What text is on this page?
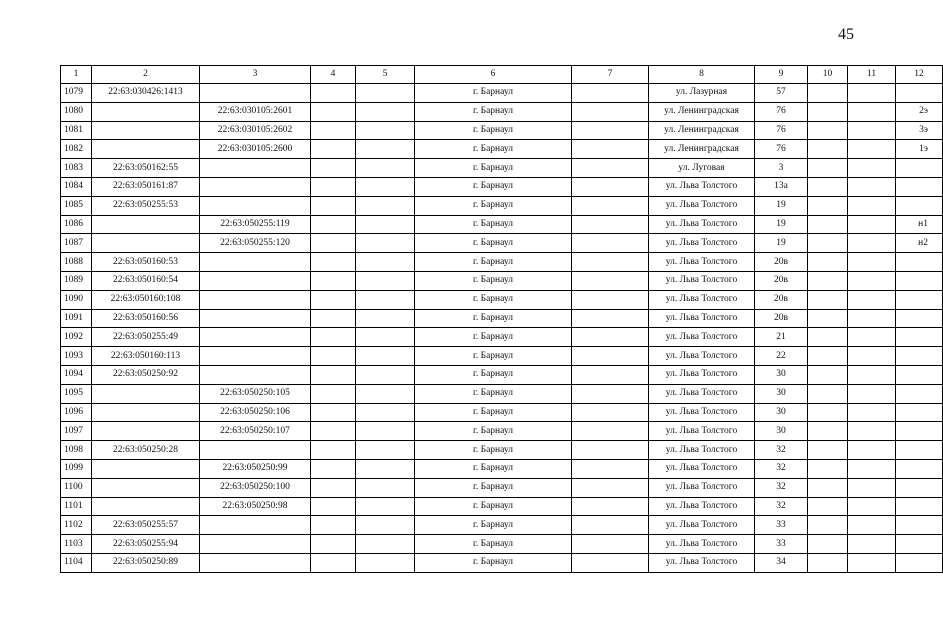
45
1	2	3	4	5	6	7	8	9	10	11	12
1079	22:63:030426:1413				г. Барнаул		ул. Лазурная	57			
1080		22:63:030105:2601			г. Барнаул		ул. Ленинградская	76			2э
1081		22:63:030105:2602			г. Барнаул		ул. Ленинградская	76			3э
1082		22:63:030105:2600			г. Барнаул		ул. Ленинградская	76			1э
1083	22:63:050162:55				г. Барнаул		ул. Луговая	3			
1084	22:63:050161:87				г. Барнаул		ул. Льва Толстого	13а			
1085	22:63:050255:53				г. Барнаул		ул. Льва Толстого	19			
1086		22:63:050255:119			г. Барнаул		ул. Льва Толстого	19			н1
1087		22:63:050255:120			г. Барнаул		ул. Льва Толстого	19			н2
1088	22:63:050160:53				г. Барнаул		ул. Льва Толстого	20в			
1089	22:63:050160:54				г. Барнаул		ул. Льва Толстого	20в			
1090	22:63:050160:108				г. Барнаул		ул. Льва Толстого	20в			
1091	22:63:050160:56				г. Барнаул		ул. Льва Толстого	20в			
1092	22:63:050255:49				г. Барнаул		ул. Льва Толстого	21			
1093	22:63:050160:113				г. Барнаул		ул. Льва Толстого	22			
1094	22:63:050250:92				г. Барнаул		ул. Льва Толстого	30			
1095		22:63:050250:105			г. Барнаул		ул. Льва Толстого	30			
1096		22:63:050250:106			г. Барнаул		ул. Льва Толстого	30			
1097		22:63:050250:107			г. Барнаул		ул. Льва Толстого	30			
1098	22:63:050250:28				г. Барнаул		ул. Льва Толстого	32			
1099		22:63:050250:99			г. Барнаул		ул. Льва Толстого	32			
1100		22:63:050250:100			г. Барнаул		ул. Льва Толстого	32			
1101		22:63:050250:98			г. Барнаул		ул. Льва Толстого	32			
1102	22:63:050255:57				г. Барнаул		ул. Льва Толстого	33			
1103	22:63:050255:94				г. Барнаул		ул. Льва Толстого	33			
1104	22:63:050250:89				г. Барнаул		ул. Льва Толстого	34			
